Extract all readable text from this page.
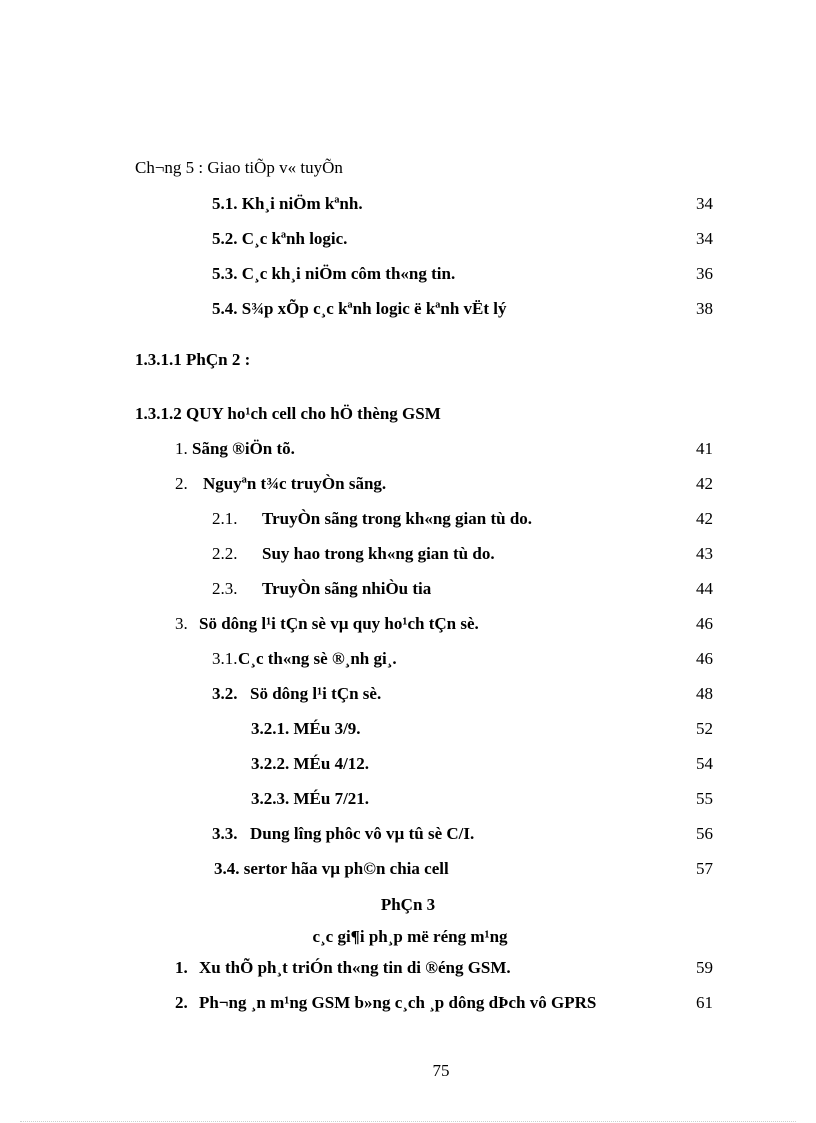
Ch¬ng 5 : Giao tiÕp v« tuyÕn
5.1. Kh¸i niÖm kªnh.	34
5.2. C¸c kªnh logic.	34
5.3. C¸c kh¸i niÖm côm th«ng tin.	36
5.4. S¾p xÕp c¸c kªnh logic ë kªnh vËt lý	38
1.3.1.1 PhÇn 2 :
1.3.1.2 QUY ho¹ch cell cho hÖ thèng GSM
1. Sãng ®iÖn tõ.	41
2. Nguyªn t¾c truyÒn sãng.	42
2.1. TruyÒn sãng trong kh«ng gian tù do.	42
2.2. Suy hao trong kh«ng gian tù do.	43
2.3. TruyÒn sãng nhiÒu tia	44
3. Sö dông l¹i tÇn sè vµ quy ho¹ch tÇn sè.	46
3.1.C¸c th«ng sè ®¸nh gi¸.	46
3.2. Sö dông l¹i tÇn sè.	48
3.2.1. MÉu 3/9.	52
3.2.2. MÉu 4/12.	54
3.2.3. MÉu 7/21.	55
3.3. Dung lîng phôc vô vµ tû sè C/I.	56
3.4. sertor hãa vµ ph©n chia cell	57
PhÇn 3
c¸c gi¶i ph¸p më réng m¹ng
1. Xu thÕ ph¸t triÓn th«ng tin di ®éng GSM.	59
2. Ph¬ng ¸n m¹ng GSM b»ng c¸ch ¸p dông dÞch vô GPRS	61
75
